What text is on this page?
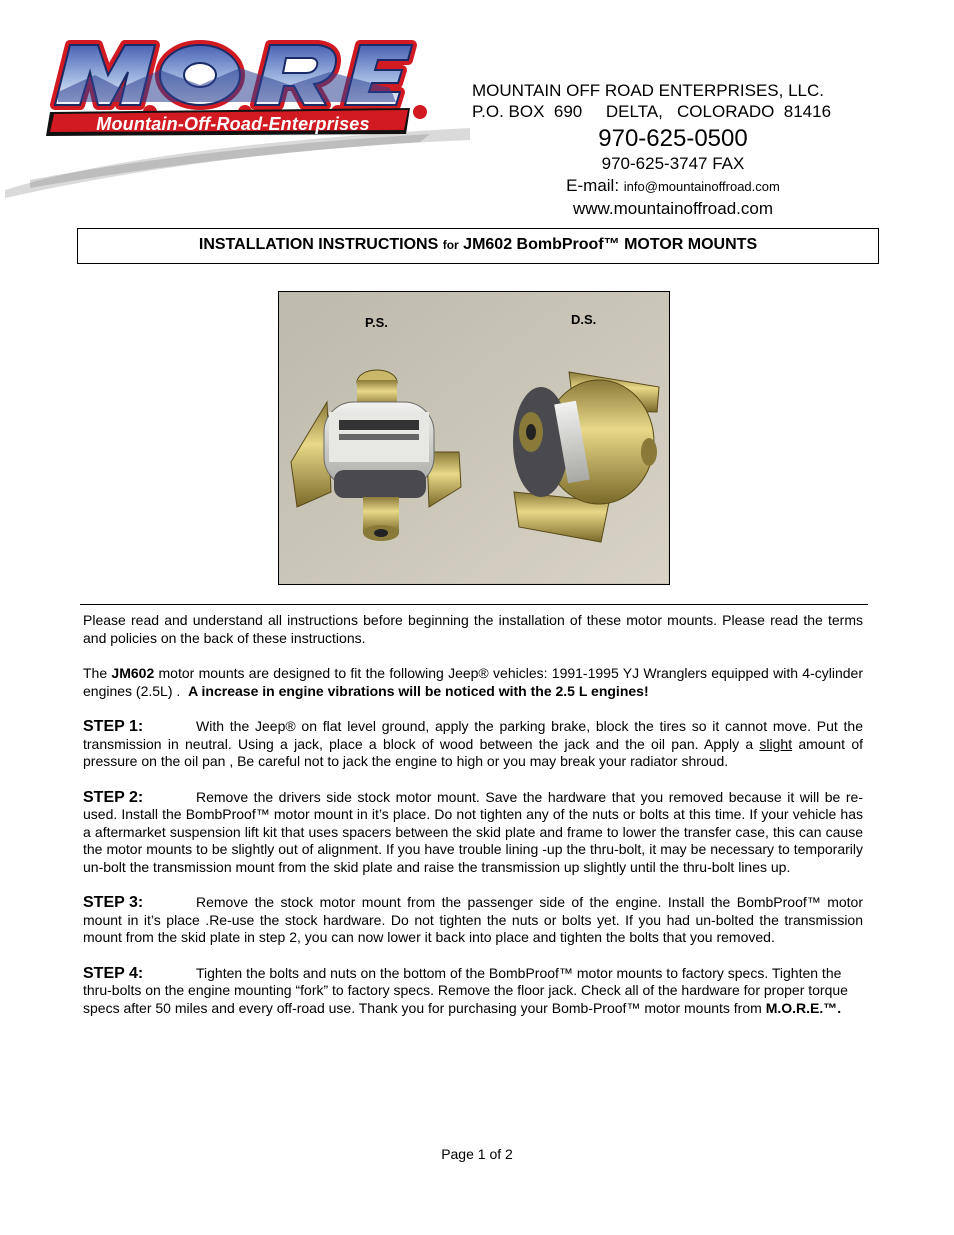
Mountain-Off-Road-Enterprises
MOUNTAIN OFF ROAD ENTERPRISES, LLC.
P.O. BOX  690     DELTA,   COLORADO  81416
970-625-0500
970-625-3747 FAX
E-mail: info@mountainoffroad.com
www.mountainoffroad.com
INSTALLATION INSTRUCTIONS for JM602 BombProof™ MOTOR MOUNTS
P.S.	D.S.

Please read and understand all instructions before beginning the installation of these motor mounts. Please read the terms and policies on the back of these instructions.

The JM602 motor mounts are designed to fit the following Jeep® vehicles: 1991-1995 YJ Wranglers equipped with 4-cylinder engines (2.5L) .  A increase in engine vibrations will be noticed with the 2.5 L engines!

STEP 1:	With the Jeep® on flat level ground, apply the parking brake, block the tires so it cannot move. Put the transmission in neutral. Using a jack, place a block of wood between the jack and the oil pan. Apply a slight amount of pressure on the oil pan , Be careful not to jack the engine to high or you may break your radiator shroud.

STEP 2:	Remove the drivers side stock motor mount. Save the hardware that you removed because it will be re-used. Install the BombProof™ motor mount in it’s place. Do not tighten any of the nuts or bolts at this time. If your vehicle has a aftermarket suspension lift kit that uses spacers between the skid plate and frame to lower the transfer case, this can cause the motor mounts to be slightly out of alignment. If you have trouble lining -up the thru-bolt, it may be necessary to temporarily un-bolt the transmission mount from the skid plate and raise the transmission up slightly until the thru-bolt lines up.

STEP 3:	Remove the stock motor mount from the passenger side of the engine. Install the BombProof™ motor mount in it’s place .Re-use the stock hardware. Do not tighten the nuts or bolts yet. If you had un-bolted the transmission mount from the skid plate in step 2, you can now lower it back into place and tighten the bolts that you removed.

STEP 4:	Tighten the bolts and nuts on the bottom of the BombProof™ motor mounts to factory specs. Tighten the thru-bolts on the engine mounting “fork” to factory specs. Remove the floor jack. Check all of the hardware for proper torque specs after 50 miles and every off-road use. Thank you for purchasing your Bomb-Proof™ motor mounts from M.O.R.E.™.

Page 1 of 2
